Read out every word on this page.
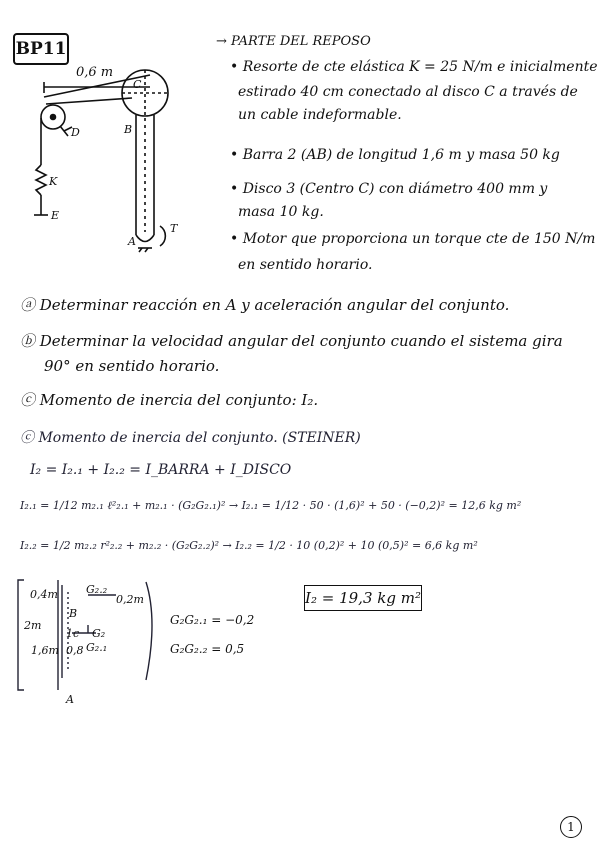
BP11	→ PARTE DEL REPOSO
• Resorte de cte elástica K = 25 N/m e inicialmente
estirado 40 cm conectado al disco C a través de
un cable indeformable.
• Barra 2 (AB) de longitud 1,6 m y masa 50 kg
• Disco 3 (Centro C) con diámetro 400 mm y
masa 10 kg.
• Motor que proporciona un torque cte de 150 N/m
en sentido horario.
0,6 m
C
B
D
K
E
A
T
ⓐ Determinar reacción en A y aceleración angular del conjunto.
ⓑ Determinar la velocidad angular del conjunto cuando el sistema gira
90° en sentido horario.
ⓒ Momento de inercia del conjunto: I₂.
ⓒ Momento de inercia del conjunto. (STEINER)
I₂ = I₂.₁ + I₂.₂ = I_BARRA + I_DISCO
I₂.₁ = 1/12 m₂.₁ ℓ²₂.₁ + m₂.₁ · (G₂G₂.₁)² → I₂.₁ = 1/12 · 50 · (1,6)² + 50 · (−0,2)² = 12,6 kg m²
I₂.₂ = 1/2 m₂.₂ r²₂.₂ + m₂.₂ · (G₂G₂.₂)² → I₂.₂ = 1/2 · 10 (0,2)² + 10 (0,5)² = 6,6 kg m²
I₂ = 19,3 kg m²
0,4m	0,2m
2m
1,6m
G₂.₂
B
G₂
G₂.₁
1c
0,8
A
G₂G₂.₁ = −0,2
G₂G₂.₂ = 0,5
1
